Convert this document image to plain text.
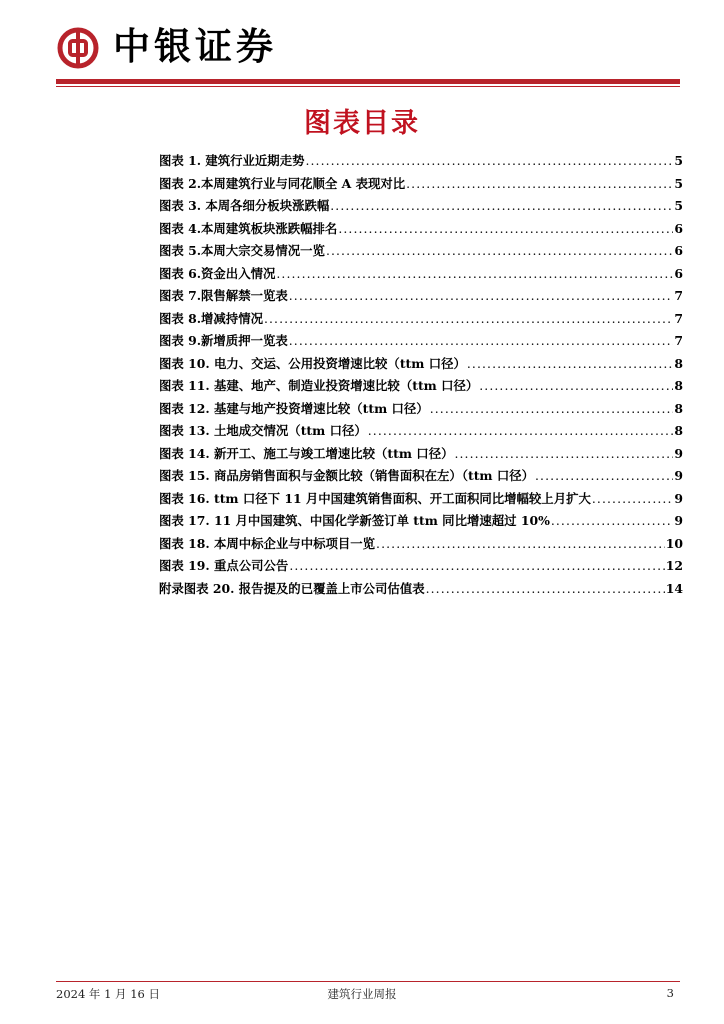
中银证券
图表目录
图表 1. 建筑行业近期走势 .....	5
图表 2.本周建筑行业与同花顺全 A 表现对比 .....	5
图表 3. 本周各细分板块涨跌幅 .....	5
图表 4.本周建筑板块涨跌幅排名 .....	6
图表 5.本周大宗交易情况一览 .....	6
图表 6.资金出入情况 .....	6
图表 7.限售解禁一览表 .....	7
图表 8.增减持情况 .....	7
图表 9.新增质押一览表 .....	7
图表 10. 电力、交运、公用投资增速比较（ttm 口径） .....	8
图表 11. 基建、地产、制造业投资增速比较（ttm 口径） .....	8
图表 12. 基建与地产投资增速比较（ttm 口径） .....	8
图表 13. 土地成交情况（ttm 口径） .....	8
图表 14. 新开工、施工与竣工增速比较（ttm 口径） .....	9
图表 15. 商品房销售面积与金额比较（销售面积在左）（ttm 口径） .....	9
图表 16. ttm 口径下 11 月中国建筑销售面积、开工面积同比增幅较上月扩大 .....	9
图表 17. 11 月中国建筑、中国化学新签订单 ttm 同比增速超过 10% .....	9
图表 18. 本周中标企业与中标项目一览 .....	10
图表 19. 重点公司公告 .....	12
附录图表 20. 报告提及的已覆盖上市公司估值表 .....	14
2024 年 1 月 16 日	建筑行业周报	3
